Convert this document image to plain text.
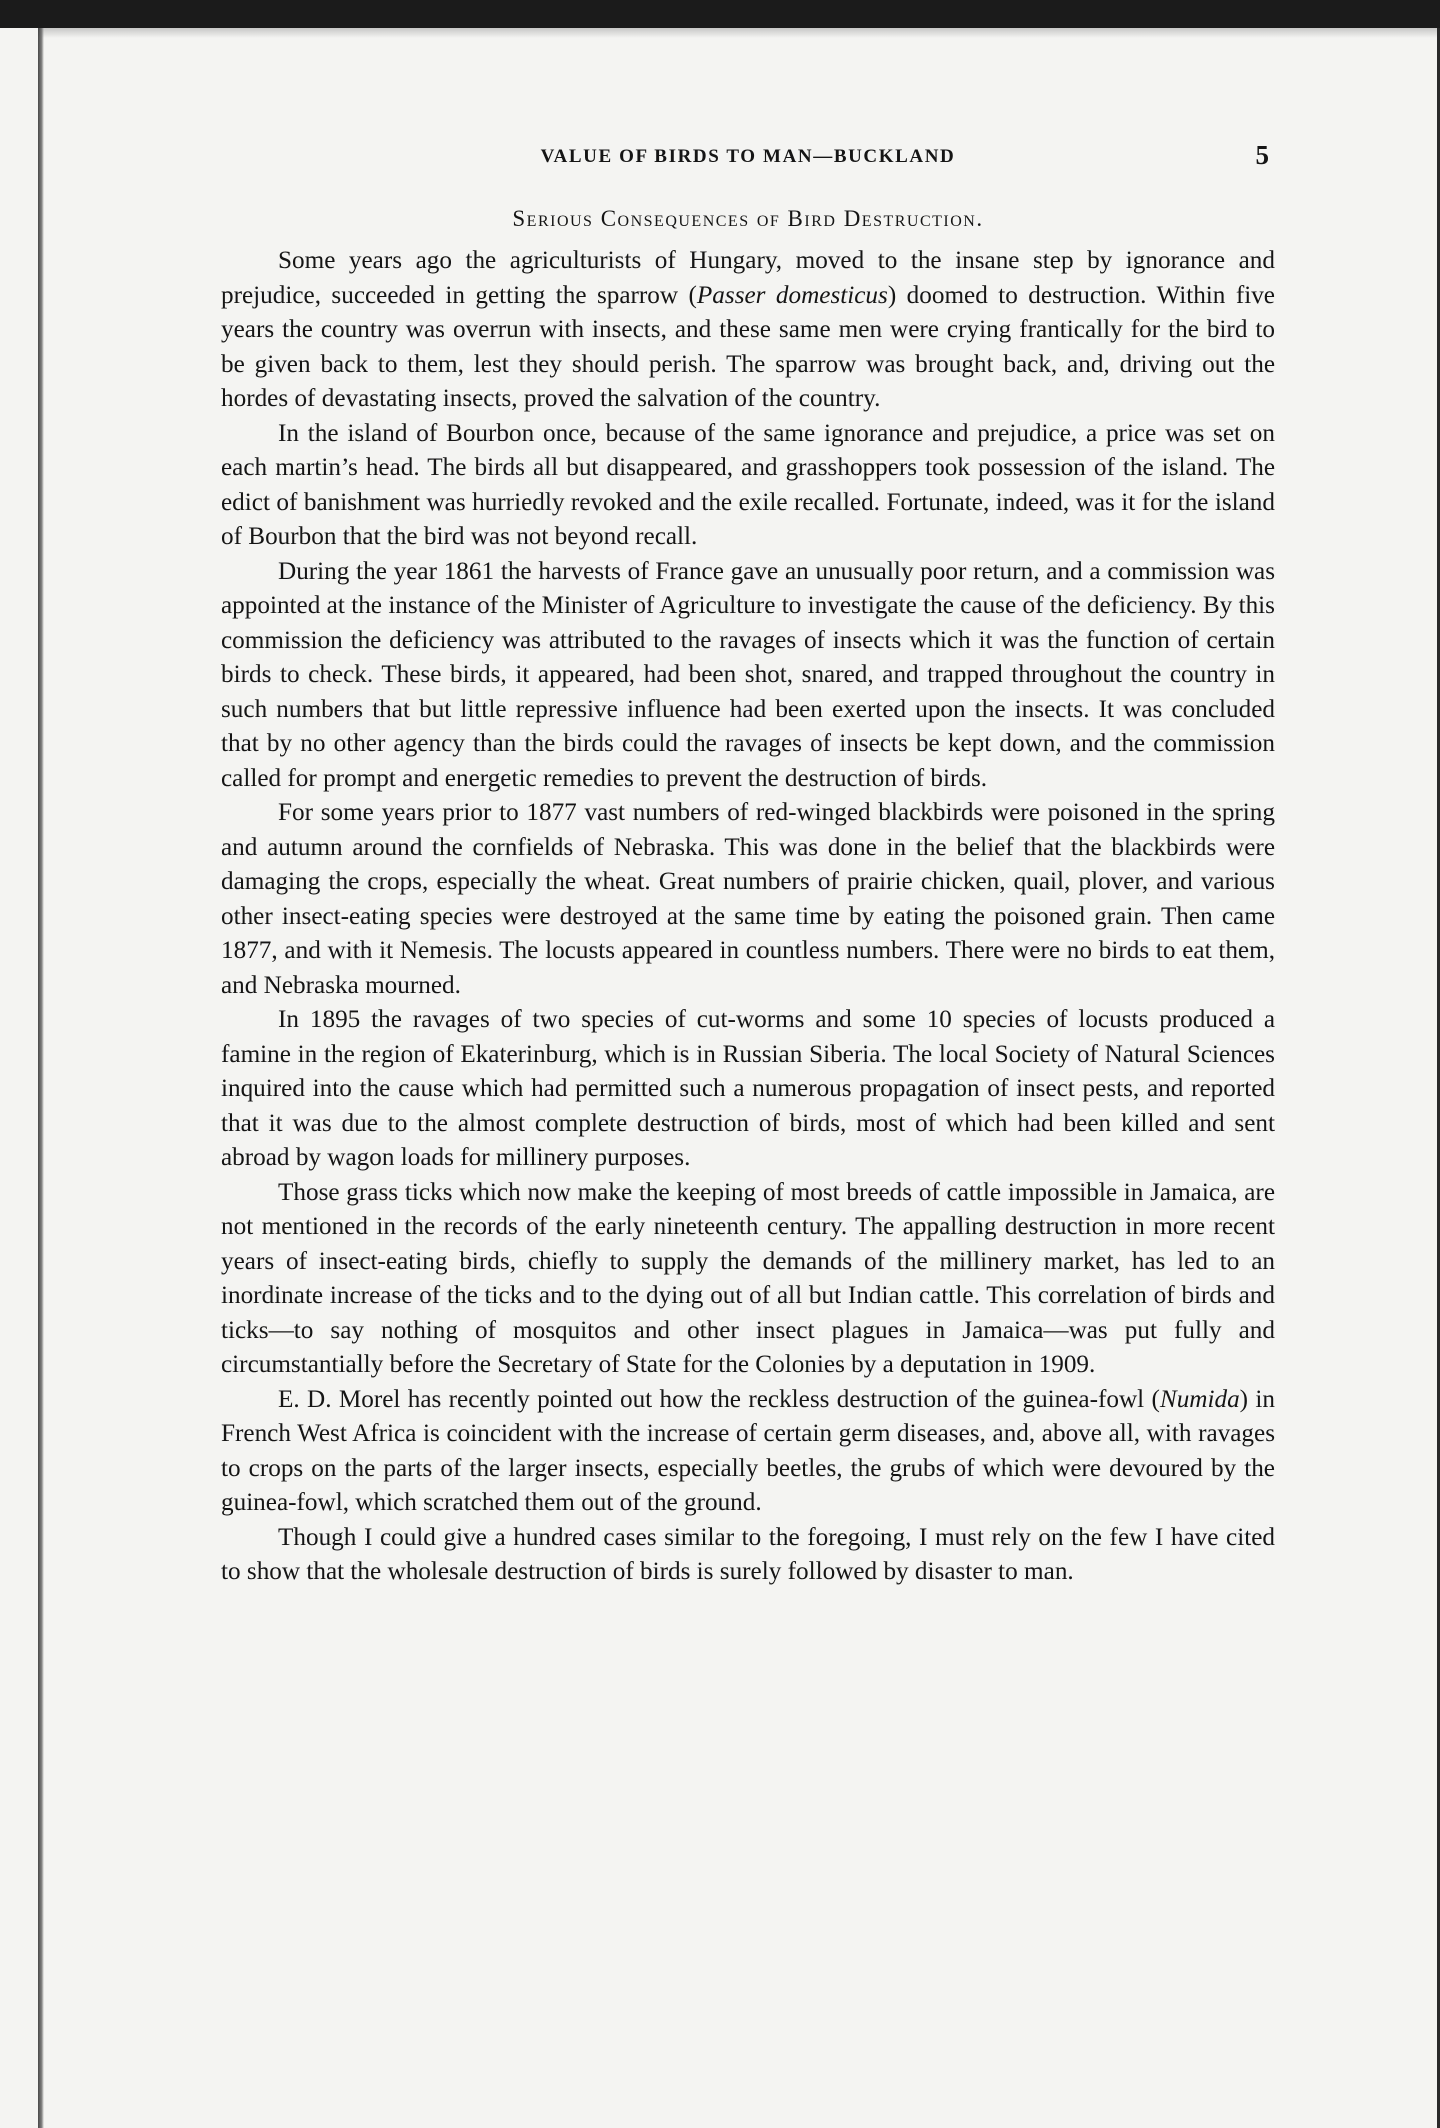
VALUE OF BIRDS TO MAN—BUCKLAND	5
Serious Consequences of Bird Destruction.

Some years ago the agriculturists of Hungary, moved to the insane step by ignorance and prejudice, succeeded in getting the sparrow (Passer domesticus) doomed to destruction. Within five years the country was overrun with insects, and these same men were crying frantically for the bird to be given back to them, lest they should perish. The sparrow was brought back, and, driving out the hordes of devastating insects, proved the salvation of the country.

In the island of Bourbon once, because of the same ignorance and prejudice, a price was set on each martin’s head. The birds all but disappeared, and grasshoppers took possession of the island. The edict of banishment was hurriedly revoked and the exile recalled. Fortunate, indeed, was it for the island of Bourbon that the bird was not beyond recall.

During the year 1861 the harvests of France gave an unusually poor return, and a commission was appointed at the instance of the Minister of Agriculture to investigate the cause of the deficiency. By this commission the deficiency was attributed to the ravages of insects which it was the function of certain birds to check. These birds, it appeared, had been shot, snared, and trapped throughout the country in such numbers that but little repressive influence had been exerted upon the insects. It was concluded that by no other agency than the birds could the ravages of insects be kept down, and the commission called for prompt and energetic remedies to prevent the destruction of birds.

For some years prior to 1877 vast numbers of red-winged blackbirds were poisoned in the spring and autumn around the cornfields of Nebraska. This was done in the belief that the blackbirds were damaging the crops, especially the wheat. Great numbers of prairie chicken, quail, plover, and various other insect-eating species were destroyed at the same time by eating the poisoned grain. Then came 1877, and with it Nemesis. The locusts appeared in countless numbers. There were no birds to eat them, and Nebraska mourned.

In 1895 the ravages of two species of cut-worms and some 10 species of locusts produced a famine in the region of Ekaterinburg, which is in Russian Siberia. The local Society of Natural Sciences inquired into the cause which had permitted such a numerous propagation of insect pests, and reported that it was due to the almost complete destruction of birds, most of which had been killed and sent abroad by wagon loads for millinery purposes.

Those grass ticks which now make the keeping of most breeds of cattle impossible in Jamaica, are not mentioned in the records of the early nineteenth century. The appalling destruction in more recent years of insect-eating birds, chiefly to supply the demands of the millinery market, has led to an inordinate increase of the ticks and to the dying out of all but Indian cattle. This correlation of birds and ticks—to say nothing of mosquitos and other insect plagues in Jamaica—was put fully and circumstantially before the Secretary of State for the Colonies by a deputation in 1909.

E. D. Morel has recently pointed out how the reckless destruction of the guinea-fowl (Numida) in French West Africa is coincident with the increase of certain germ diseases, and, above all, with ravages to crops on the parts of the larger insects, especially beetles, the grubs of which were devoured by the guinea-fowl, which scratched them out of the ground.

Though I could give a hundred cases similar to the foregoing, I must rely on the few I have cited to show that the wholesale destruction of birds is surely followed by disaster to man.
